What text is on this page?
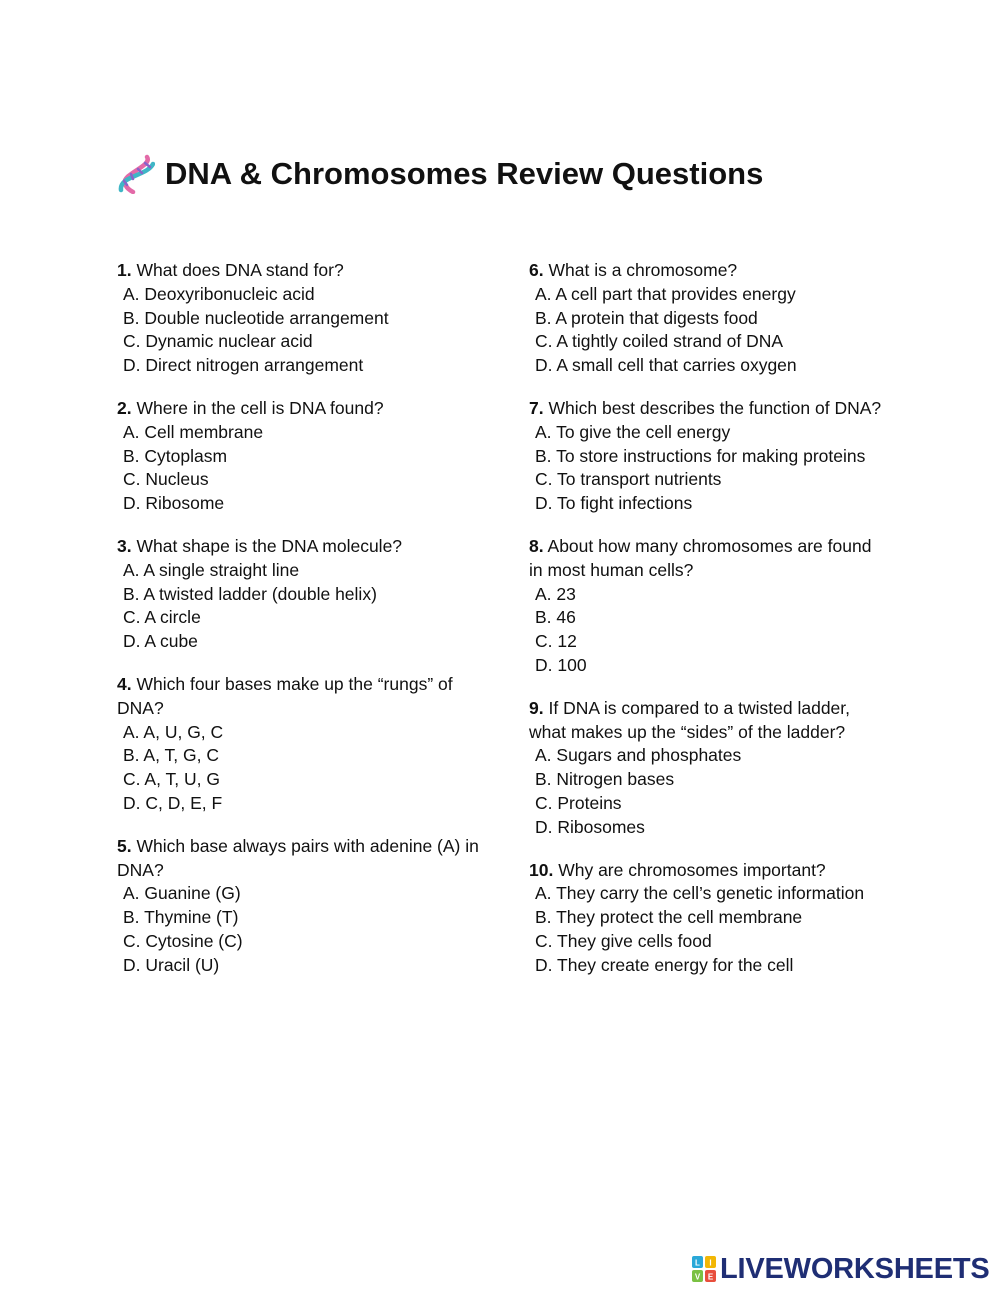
DNA & Chromosomes Review Questions
1. What does DNA stand for?
A. Deoxyribonucleic acid
B. Double nucleotide arrangement
C. Dynamic nuclear acid
D. Direct nitrogen arrangement
2. Where in the cell is DNA found?
A. Cell membrane
B. Cytoplasm
C. Nucleus
D. Ribosome
3. What shape is the DNA molecule?
A. A single straight line
B. A twisted ladder (double helix)
C. A circle
D. A cube
4. Which four bases make up the “rungs” of DNA?
A. A, U, G, C
B. A, T, G, C
C. A, T, U, G
D. C, D, E, F
5. Which base always pairs with adenine (A) in DNA?
A. Guanine (G)
B. Thymine (T)
C. Cytosine (C)
D. Uracil (U)
6. What is a chromosome?
A. A cell part that provides energy
B. A protein that digests food
C. A tightly coiled strand of DNA
D. A small cell that carries oxygen
7. Which best describes the function of DNA?
A. To give the cell energy
B. To store instructions for making proteins
C. To transport nutrients
D. To fight infections
8. About how many chromosomes are found in most human cells?
A. 23
B. 46
C. 12
D. 100
9. If DNA is compared to a twisted ladder, what makes up the “sides” of the ladder?
A. Sugars and phosphates
B. Nitrogen bases
C. Proteins
D. Ribosomes
10. Why are chromosomes important?
A. They carry the cell’s genetic information
B. They protect the cell membrane
C. They give cells food
D. They create energy for the cell
L I
V E LIVEWORKSHEETS
